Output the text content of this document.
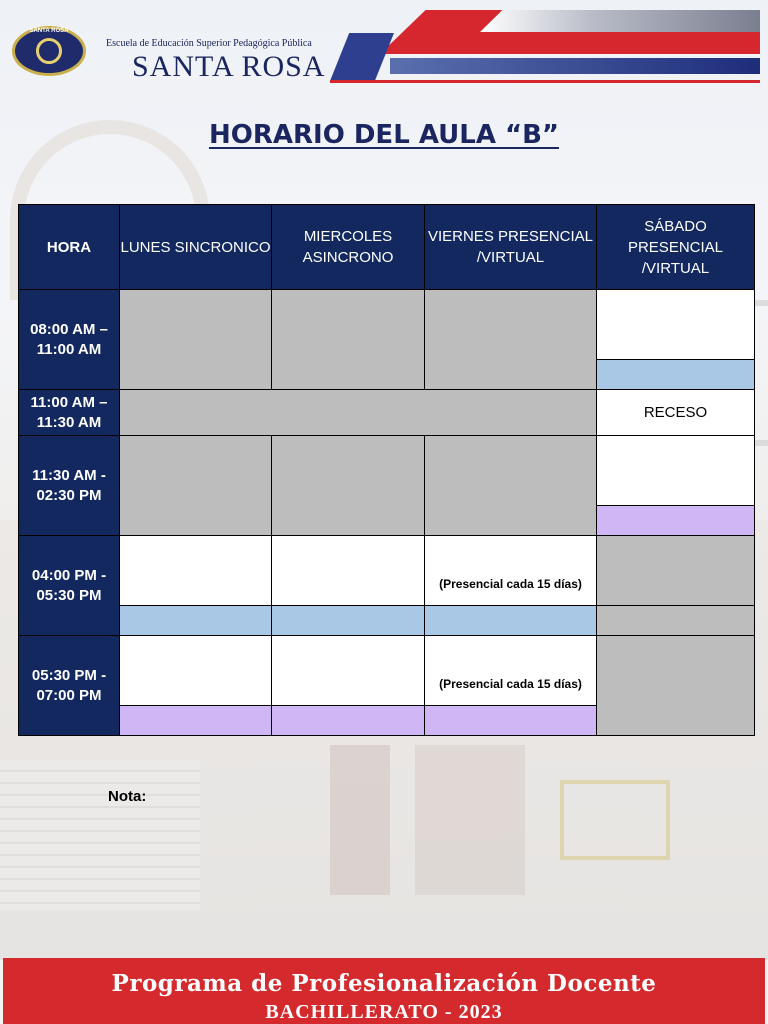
SANTA ROSA
Escuela de Educación Superior Pedagógica Pública
SANTA ROSA
HORARIO DEL AULA “B”
HORA	LUNES SINCRONICO	MIERCOLES ASINCRONO	VIERNES PRESENCIAL /VIRTUAL	SÁBADO PRESENCIAL /VIRTUAL
08:00 AM – 11:00 AM				

11:00 AM – 11:30 AM				RECESO
11:30 AM - 02:30 PM				

04:00 PM - 05:30 PM			(Presencial cada 15 días)	

05:30 PM - 07:00 PM			(Presencial cada 15 días)	

Nota:
Programa de Profesionalización Docente
BACHILLERATO - 2023
